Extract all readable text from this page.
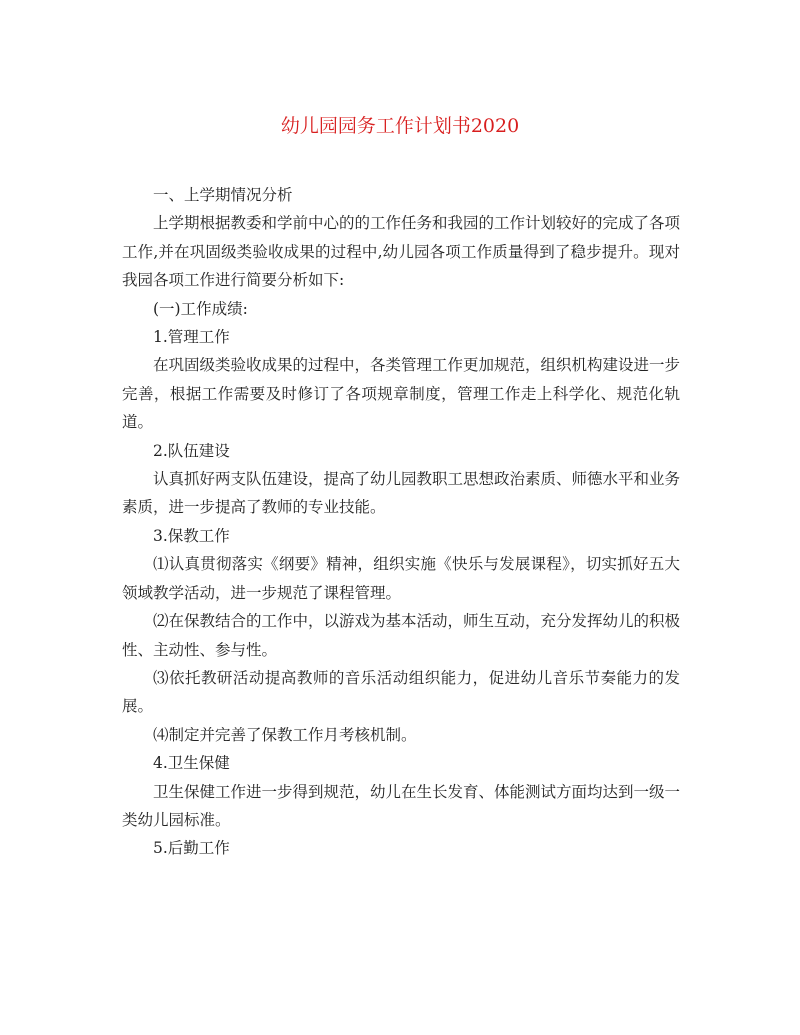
幼儿园园务工作计划书2020

一、上学期情况分析

上学期根据教委和学前中心的的工作任务和我园的工作计划较好的完成了各项工作,并在巩固级类验收成果的过程中,幼儿园各项工作质量得到了稳步提升。现对我园各项工作进行简要分析如下:

(一)工作成绩:

1.管理工作

在巩固级类验收成果的过程中，各类管理工作更加规范，组织机构建设进一步完善，根据工作需要及时修订了各项规章制度，管理工作走上科学化、规范化轨道。

2.队伍建设

认真抓好两支队伍建设，提高了幼儿园教职工思想政治素质、师德水平和业务素质，进一步提高了教师的专业技能。

3.保教工作

⑴认真贯彻落实《纲要》精神，组织实施《快乐与发展课程》，切实抓好五大领域教学活动，进一步规范了课程管理。

⑵在保教结合的工作中，以游戏为基本活动，师生互动，充分发挥幼儿的积极性、主动性、参与性。

⑶依托教研活动提高教师的音乐活动组织能力，促进幼儿音乐节奏能力的发展。

⑷制定并完善了保教工作月考核机制。

4.卫生保健

卫生保健工作进一步得到规范，幼儿在生长发育、体能测试方面均达到一级一类幼儿园标准。

5.后勤工作
